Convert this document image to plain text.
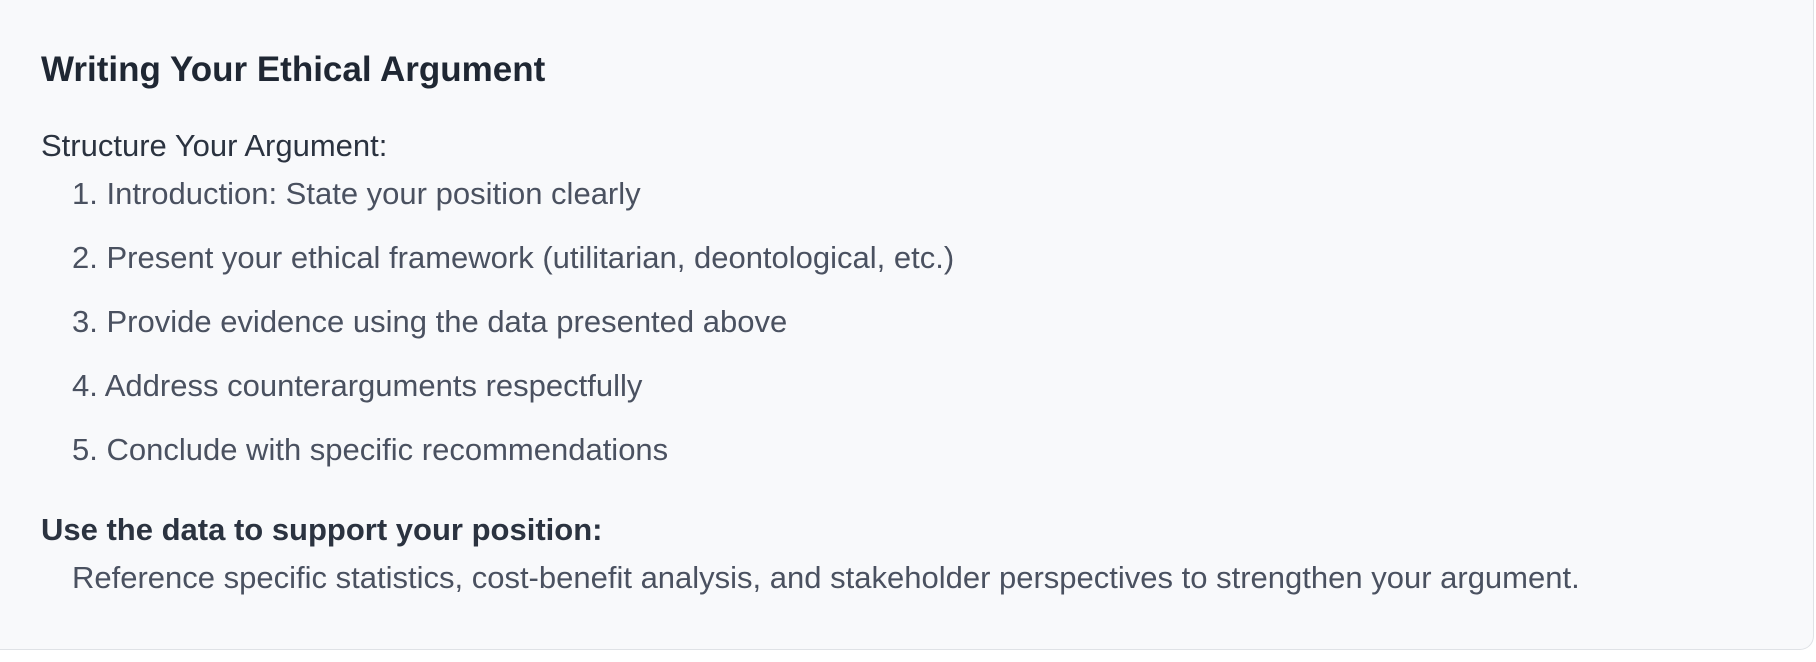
Writing Your Ethical Argument

Structure Your Argument:

1. Introduction: State your position clearly
2. Present your ethical framework (utilitarian, deontological, etc.)
3. Provide evidence using the data presented above
4. Address counterarguments respectfully
5. Conclude with specific recommendations

Use the data to support your position:

Reference specific statistics, cost-benefit analysis, and stakeholder perspectives to strengthen your argument.
